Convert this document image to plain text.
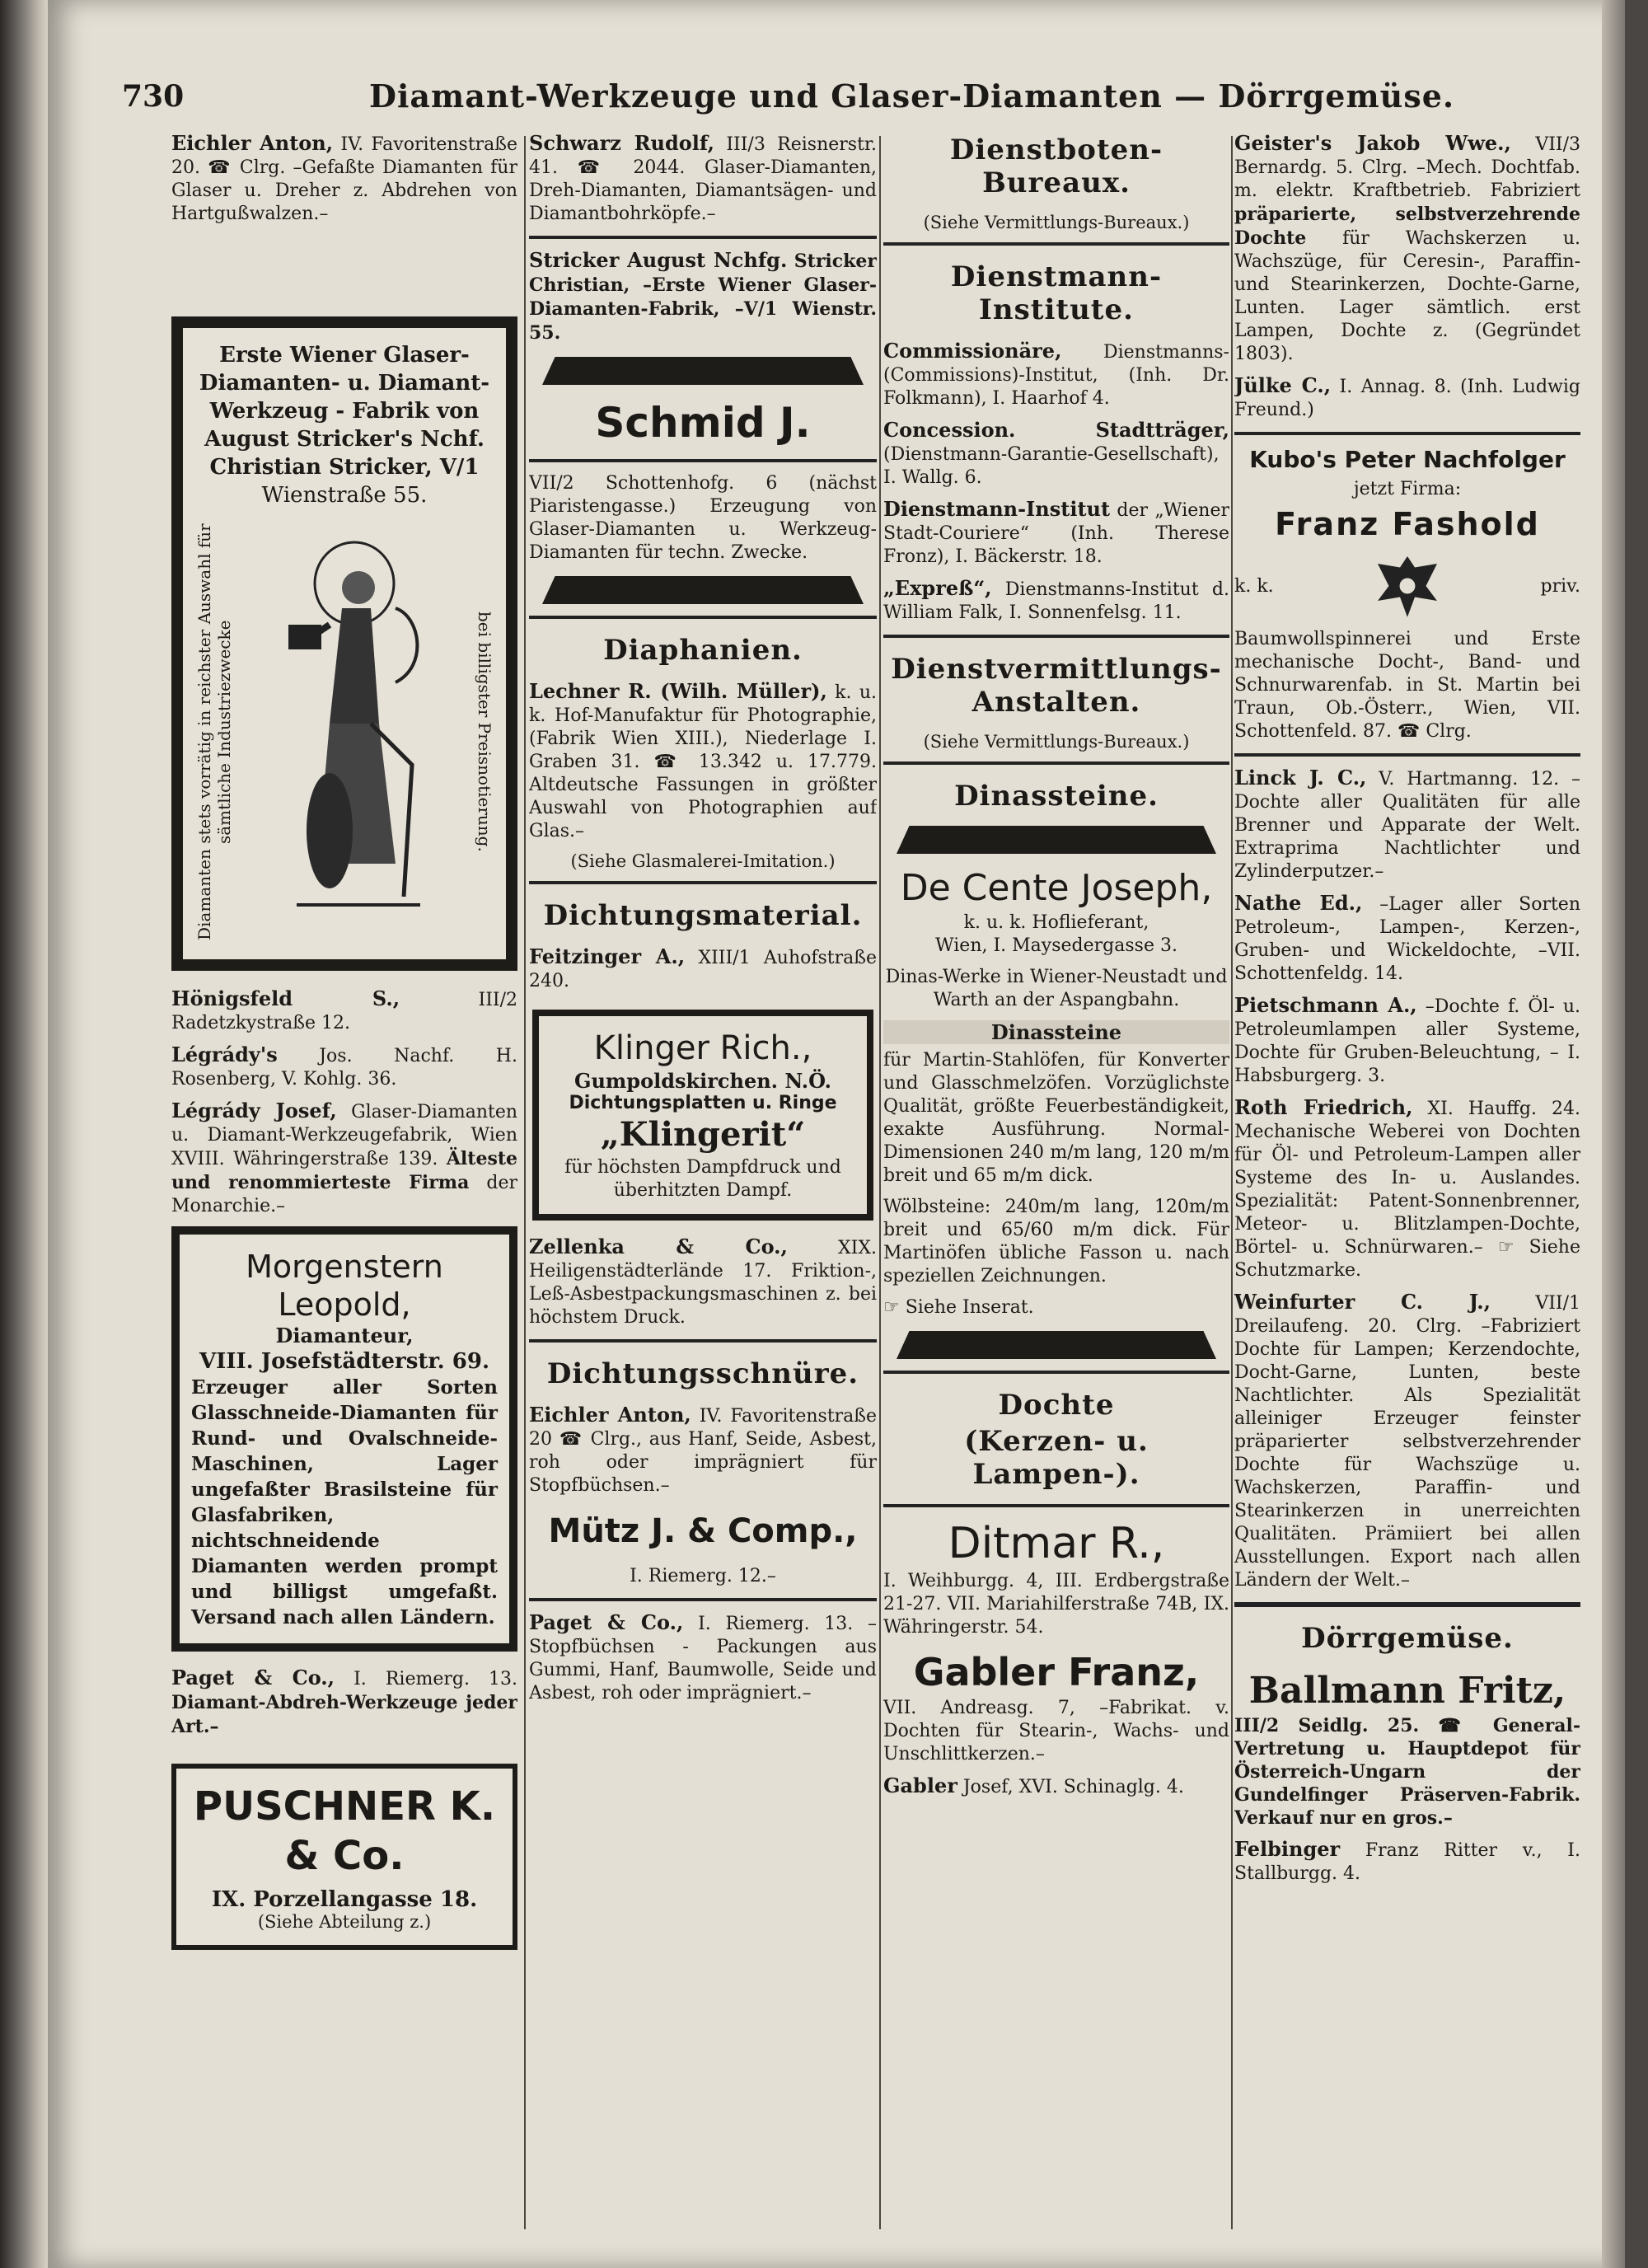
730	Diamant-Werkzeuge und Glaser-Diamanten — Dörrgemüse.

Eichler Anton, IV. Favoritenstraße 20. ☎ Clrg. –Gefaßte Diamanten für Glaser u. Dreher z. Abdrehen von Hartgußwalzen.–

Erste Wiener Glaser-
Diamanten- u. Diamant-
Werkzeug - Fabrik von
August Stricker's Nchf.
Christian Stricker, V/1
Wienstraße 55.
Diamanten stets vorrätig in reichster Auswahl für sämtliche Industriezwecke	bei billigster Preisnotierung.

Hönigsfeld S.,	III/2 Radetzkystraße 12.

Légrády's Jos. Nachf. H. Rosenberg, V. Kohlg. 36.

Légrády Josef, Glaser-Diamanten u. Diamant-Werkzeugefabrik, Wien XVIII. Währingerstraße 139. Älteste und renommierteste Firma der Monarchie.–

Morgenstern Leopold,
Diamanteur,
VIII. Josefstädterstr. 69.
Erzeuger aller Sorten Glasschneide-Diamanten für Rund- und Ovalschneide-Maschinen, Lager ungefaßter Brasilsteine für Glasfabriken, nichtschneidende Diamanten werden prompt und billigst umgefaßt. Versand nach allen Ländern.

Paget & Co., I. Riemerg. 13. Diamant-Abdreh-Werkzeuge jeder Art.–

PUSCHNER K.
& Co.
IX. Porzellangasse 18.
(Siehe Abteilung z.)

Schwarz Rudolf, III/3 Reisnerstr. 41. ☎ 2044. Glaser-Diamanten, Dreh-Diamanten, Diamantsägen- und Diamantbohrköpfe.–

Stricker August Nchfg. Stricker Christian, –Erste Wiener Glaser-Diamanten-Fabrik, –V/1 Wienstr. 55.

Schmid J.

VII/2 Schottenhofg. 6 (nächst Piaristengasse.) Erzeugung von Glaser-Diamanten u. Werkzeug-Diamanten für techn. Zwecke.

Diaphanien.

Lechner R. (Wilh. Müller), k. u. k. Hof-Manufaktur für Photographie, (Fabrik Wien XIII.), Niederlage I. Graben 31. ☎ 13.342 u. 17.779. Altdeutsche Fassungen in größter Auswahl von Photographien auf Glas.–

(Siehe Glasmalerei-Imitation.)
Dichtungsmaterial.

Feitzinger A., XIII/1 Auhofstraße 240.

Klinger Rich.,
Gumpoldskirchen. N.Ö.
Dichtungsplatten u. Ringe
„Klingerit“
für höchsten Dampfdruck und überhitzten Dampf.

Zellenka & Co.,	XIX. Heiligenstädterlände 17. Friktion-, Leß-Asbestpackungsmaschinen z. bei höchstem Druck.

Dichtungsschnüre.

Eichler Anton, IV. Favoritenstraße 20 ☎ Clrg., aus Hanf, Seide, Asbest, roh oder imprägniert für Stopfbüchsen.–

Mütz J. & Comp.,

I. Riemerg. 12.–

Paget & Co., I. Riemerg. 13. –Stopfbüchsen - Packungen aus Gummi, Hanf, Baumwolle, Seide und Asbest, roh oder imprägniert.–

Dienstboten-Bureaux.
(Siehe Vermittlungs-Bureaux.)
Dienstmann-Institute.

Commissionäre, Dienstmanns-(Commissions)-Institut, (Inh. Dr. Folkmann), I. Haarhof 4.

Concession. Stadtträger, (Dienstmann-Garantie-Gesellschaft), I. Wallg. 6.

Dienstmann-Institut der „Wiener Stadt-Couriere“ (Inh. Therese Fronz), I. Bäckerstr. 18.

„Expreß“, Dienstmanns-Institut d. William Falk, I. Sonnenfelsg. 11.

Dienstvermittlungs-Anstalten.
(Siehe Vermittlungs-Bureaux.)
Dinassteine.
De Cente Joseph,

k. u. k. Hoflieferant,

Wien, I. Maysedergasse 3.

Dinas-Werke in Wiener-Neustadt und Warth an der Aspangbahn.

Dinassteine

für Martin-Stahlöfen, für Konverter und Glasschmelzöfen. Vorzüglichste Qualität, größte Feuerbeständigkeit, exakte Ausführung. Normal-Dimensionen 240 m/m lang, 120 m/m breit und 65 m/m dick.

Wölbsteine: 240m/m lang, 120m/m breit und 65/60 m/m dick. Für Martinöfen übliche Fasson u. nach speziellen Zeichnungen.

☞ Siehe Inserat.

Dochte
(Kerzen- u. Lampen-).
Ditmar R.,

I. Weihburgg. 4, III. Erdbergstraße 21-27. VII. Mariahilferstraße 74B, IX. Währingerstr. 54.

Gabler Franz,

VII. Andreasg. 7, –Fabrikat. v. Dochten für Stearin-, Wachs- und Unschlittkerzen.–

Gabler Josef, XVI. Schinaglg. 4.

Geister's Jakob Wwe., VII/3 Bernardg. 5. Clrg. –Mech. Dochtfab. m. elektr. Kraftbetrieb. Fabriziert präparierte, selbstverzehrende Dochte für Wachskerzen u. Wachszüge, für Ceresin-, Paraffin- und Stearinkerzen, Dochte-Garne, Lunten. Lager sämtlich. erst Lampen, Dochte z. (Gegründet 1803).

Jülke C., I. Annag. 8. (Inh. Ludwig Freund.)

Kubo's Peter Nachfolger

jetzt Firma:

Franz Fashold
k. k.	priv.

Baumwollspinnerei und Erste mechanische Docht-, Band- und Schnurwarenfab. in St. Martin bei Traun, Ob.-Österr., Wien, VII. Schottenfeld. 87. ☎ Clrg.

Linck J. C., V. Hartmanng. 12. –Dochte aller Qualitäten für alle Brenner und Apparate der Welt. Extraprima Nachtlichter und Zylinderputzer.–

Nathe Ed., –Lager aller Sorten Petroleum-, Lampen-, Kerzen-, Gruben- und Wickeldochte, –VII. Schottenfeldg. 14.

Pietschmann A., –Dochte f. Öl- u. Petroleumlampen aller Systeme, Dochte für Gruben-Beleuchtung, – I. Habsburgerg. 3.

Roth Friedrich, XI. Hauffg. 24. Mechanische Weberei von Dochten für Öl- und Petroleum-Lampen aller Systeme des In- u. Auslandes. Spezialität: Patent-Sonnenbrenner, Meteor- u. Blitzlampen-Dochte, Börtel- u. Schnürwaren.– ☞ Siehe Schutzmarke.

Weinfurter C. J., VII/1 Dreilaufeng. 20. Clrg. –Fabriziert Dochte für Lampen; Kerzendochte, Docht-Garne, Lunten, beste Nachtlichter. Als Spezialität alleiniger Erzeuger feinster präparierter selbstverzehrender Dochte für Wachszüge u. Wachskerzen, Paraffin- und Stearinkerzen in unerreichten Qualitäten. Prämiiert bei allen Ausstellungen. Export nach allen Ländern der Welt.–

Dörrgemüse.
Ballmann Fritz,

III/2 Seidlg. 25. ☎ General-Vertretung u. Hauptdepot für Österreich-Ungarn der Gundelfinger Präserven-Fabrik. Verkauf nur en gros.–

Felbinger Franz Ritter v., I. Stallburgg. 4.
